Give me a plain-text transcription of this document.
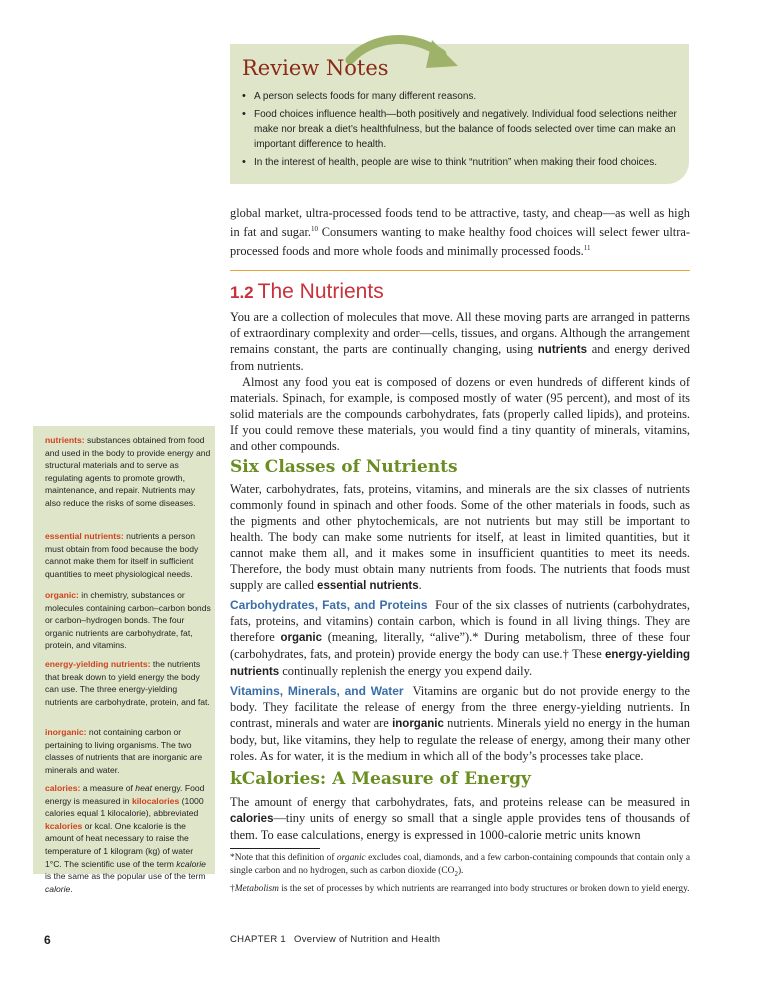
Review Notes
• A person selects foods for many different reasons.
• Food choices influence health—both positively and negatively. Individual food selections neither make nor break a diet’s healthfulness, but the balance of foods selected over time can make an important difference to health.
• In the interest of health, people are wise to think “nutrition” when making their food choices.

global market, ultra-processed foods tend to be attractive, tasty, and cheap—as well as high in fat and sugar.$^{10}$ Consumers wanting to make healthy food choices will select fewer ultra-processed foods and more whole foods and minimally processed foods.$^{11}$

1.2 The Nutrients

You are a collection of molecules that move. All these moving parts are arranged in patterns of extraordinary complexity and order—cells, tissues, and organs. Although the arrangement remains constant, the parts are continually changing, using nutrients and energy derived from nutrients.

Almost any food you eat is composed of dozens or even hundreds of different kinds of materials. Spinach, for example, is composed mostly of water (95 percent), and most of its solid materials are the compounds carbohydrates, fats (properly called lipids), and proteins. If you could remove these materials, you would find a tiny quantity of minerals, vitamins, and other compounds.

Six Classes of Nutrients

Water, carbohydrates, fats, proteins, vitamins, and minerals are the six classes of nutrients commonly found in spinach and other foods. Some of the other materials in foods, such as the pigments and other phytochemicals, are not nutrients but may still be important to health. The body can make some nutrients for itself, at least in limited quantities, but it cannot make them all, and it makes some in insufficient quantities to meet its needs. Therefore, the body must obtain many nutrients from foods. The nutrients that foods must supply are called essential nutrients.

Carbohydrates, Fats, and Proteins Four of the six classes of nutrients (carbohydrates, fats, proteins, and vitamins) contain carbon, which is found in all living things. They are therefore organic (meaning, literally, “alive”).* During metabolism, three of these four (carbohydrates, fats, and protein) provide energy the body can use.† These energy-yielding nutrients continually replenish the energy you expend daily.

Vitamins, Minerals, and Water Vitamins are organic but do not provide energy to the body. They facilitate the release of energy from the three energy-yielding nutrients. In contrast, minerals and water are inorganic nutrients. Minerals yield no energy in the human body, but, like vitamins, they help to regulate the release of energy, among their many other roles. As for water, it is the medium in which all of the body’s processes take place.

kCalories: A Measure of Energy

The amount of energy that carbohydrates, fats, and proteins release can be measured in calories—tiny units of energy so small that a single apple provides tens of thousands of them. To ease calculations, energy is expressed in 1000-calorie metric units known

*Note that this definition of organic excludes coal, diamonds, and a few carbon-containing compounds that contain only a single carbon and no hydrogen, such as carbon dioxide $(CO_2)$.

†Metabolism is the set of processes by which nutrients are rearranged into body structures or broken down to yield energy.

nutrients: substances obtained from food and used in the body to provide energy and structural materials and to serve as regulating agents to promote growth, maintenance, and repair. Nutrients may also reduce the risks of some diseases.
essential nutrients: nutrients a person must obtain from food because the body cannot make them for itself in sufficient quantities to meet physiological needs.
organic: in chemistry, substances or molecules containing carbon–carbon bonds or carbon–hydrogen bonds. The four organic nutrients are carbohydrate, fat, protein, and vitamins.
energy-yielding nutrients: the nutrients that break down to yield energy the body can use. The three energy-yielding nutrients are carbohydrate, protein, and fat.
inorganic: not containing carbon or pertaining to living organisms. The two classes of nutrients that are inorganic are minerals and water.
calories: a measure of heat energy. Food energy is measured in kilocalories (1000 calories equal 1 kilocalorie), abbreviated kcalories or kcal. One kcalorie is the amount of heat necessary to raise the temperature of 1 kilogram (kg) of water 1°C. The scientific use of the term kcalorie is the same as the popular use of the term calorie.
6	CHAPTER 1 Overview of Nutrition and Health
